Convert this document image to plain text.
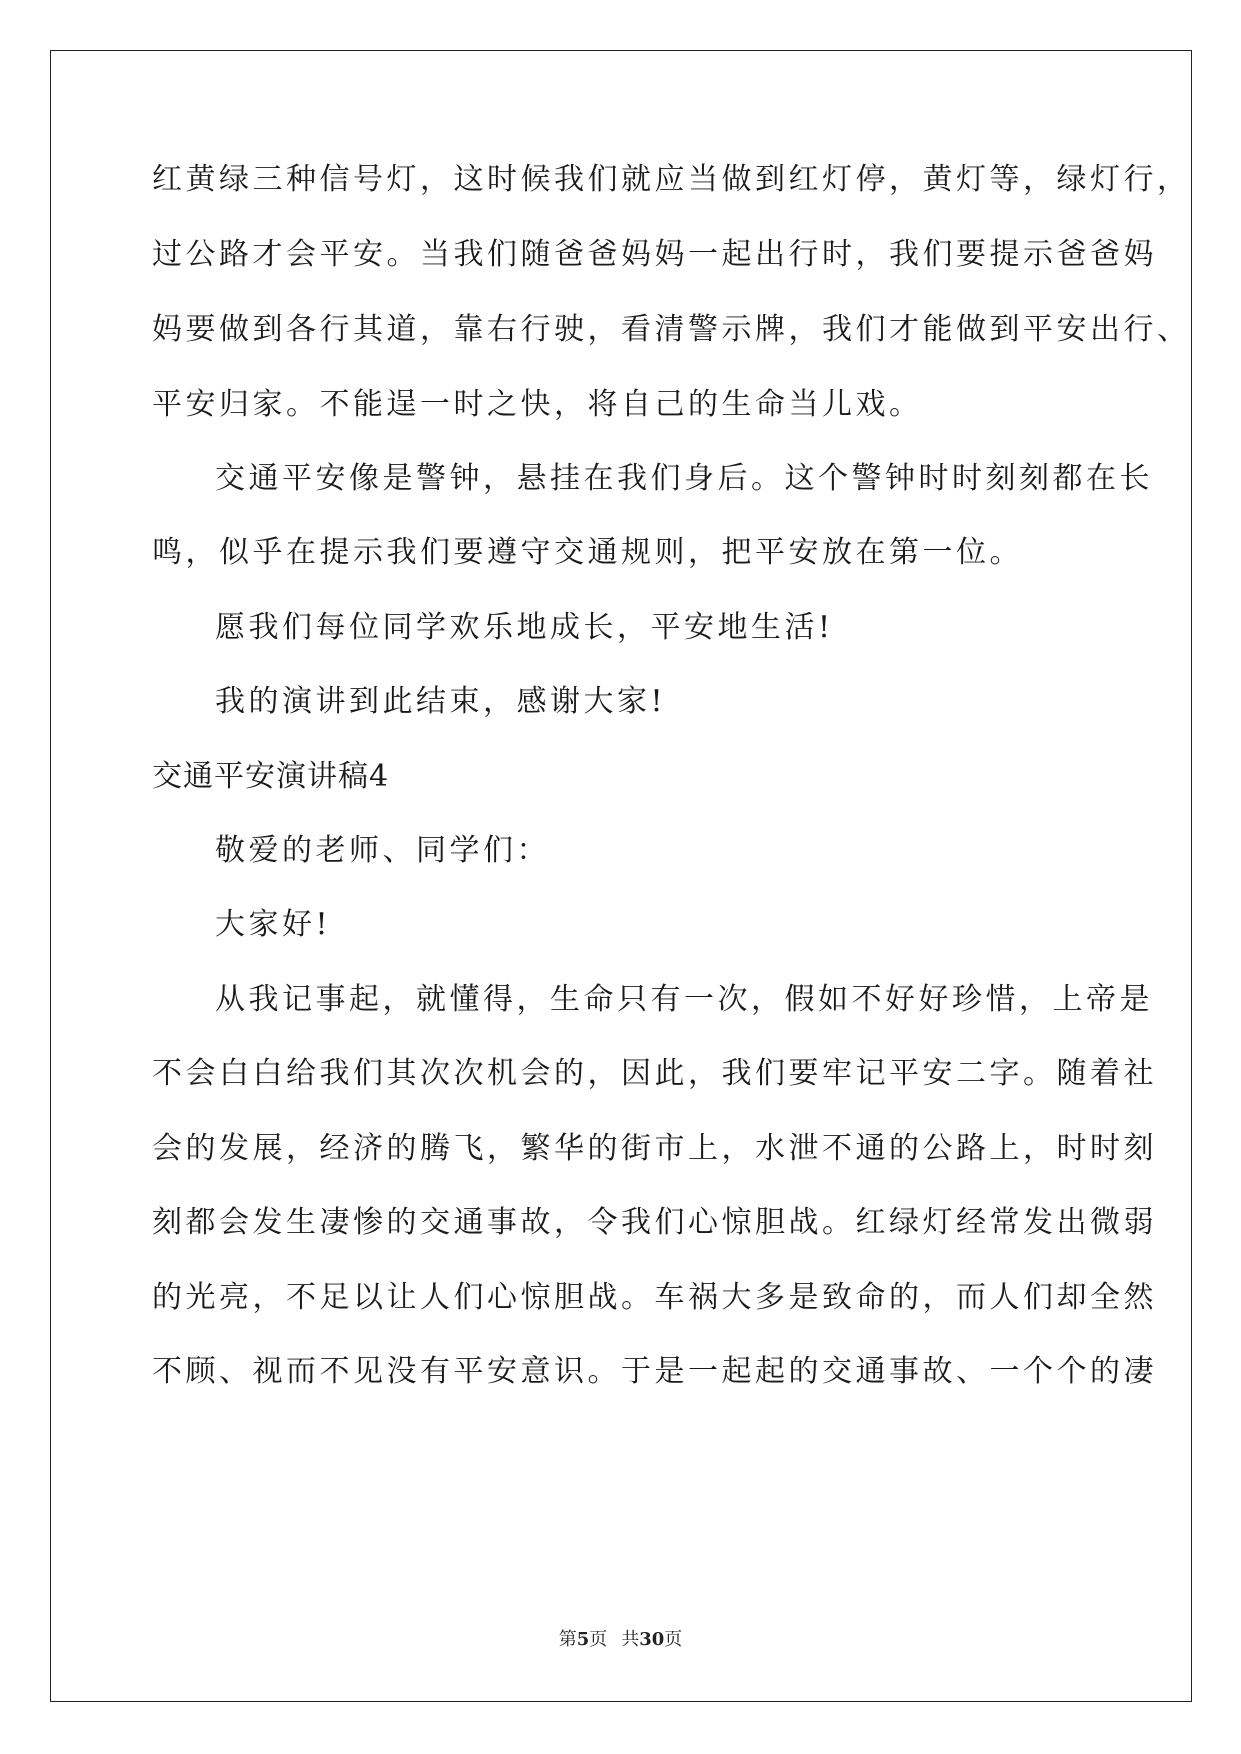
红黄绿三种信号灯，这时候我们就应当做到红灯停，黄灯等，绿灯行，
过公路才会平安。当我们随爸爸妈妈一起出行时，我们要提示爸爸妈
妈要做到各行其道，靠右行驶，看清警示牌，我们才能做到平安出行、
平安归家。不能逞一时之快，将自己的生命当儿戏。
交通平安像是警钟，悬挂在我们身后。这个警钟时时刻刻都在长
鸣，似乎在提示我们要遵守交通规则，把平安放在第一位。
愿我们每位同学欢乐地成长，平安地生活!
我的演讲到此结束，感谢大家!
交通平安演讲稿4
敬爱的老师、同学们：
大家好!
从我记事起，就懂得，生命只有一次，假如不好好珍惜，上帝是
不会白白给我们其次次机会的，因此，我们要牢记平安二字。随着社
会的发展，经济的腾飞，繁华的街市上，水泄不通的公路上，时时刻
刻都会发生凄惨的交通事故，令我们心惊胆战。红绿灯经常发出微弱
的光亮，不足以让人们心惊胆战。车祸大多是致命的，而人们却全然
不顾、视而不见没有平安意识。于是一起起的交通事故、一个个的凄
第5页 共30页
